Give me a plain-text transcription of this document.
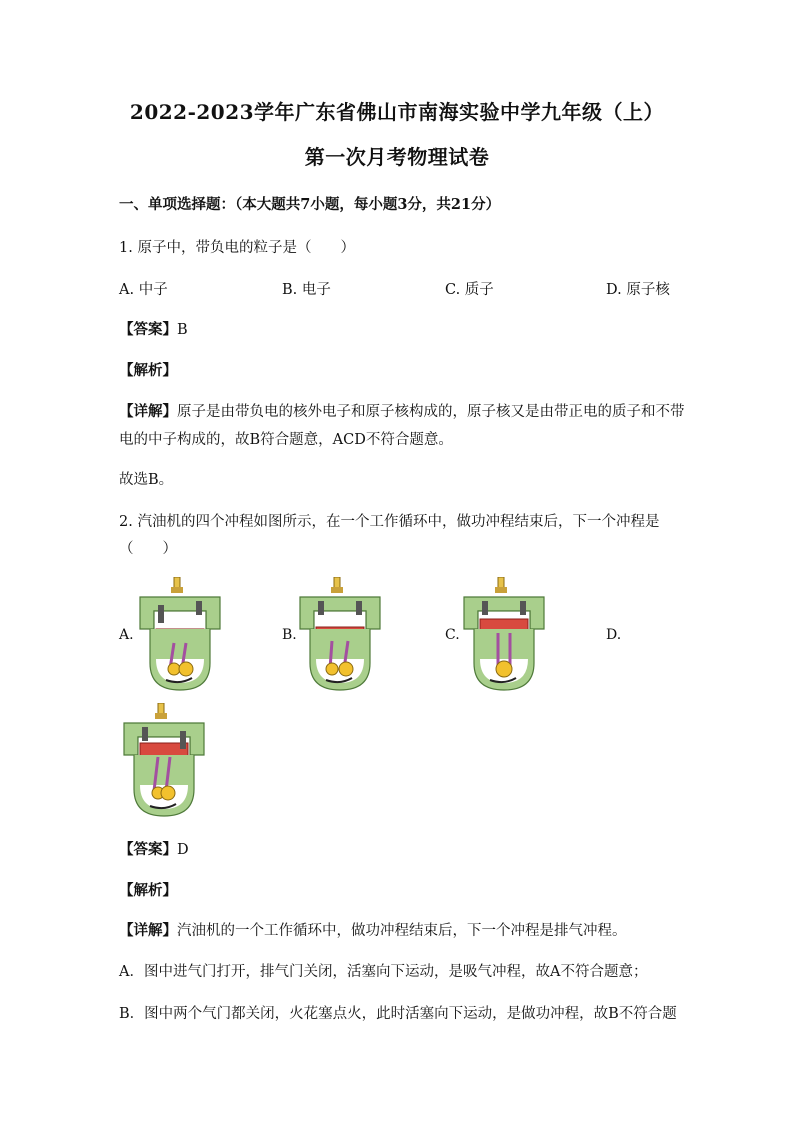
2022-2023学年广东省佛山市南海实验中学九年级（上）
第一次月考物理试卷
一、单项选择题：（本大题共7小题，每小题3分，共21分）
1. 原子中，带负电的粒子是（　　）
A. 中子	B. 电子	C. 质子	D. 原子核
【答案】B
【解析】
【详解】原子是由带负电的核外电子和原子核构成的，原子核又是由带正电的质子和不带
电的中子构成的，故B符合题意，ACD不符合题意。
故选B。
2. 汽油机的四个冲程如图所示，在一个工作循环中，做功冲程结束后，下一个冲程是
（　　）
A.	B.	C.	D.
【答案】D
【解析】
【详解】汽油机的一个工作循环中，做功冲程结束后，下一个冲程是排气冲程。
A．图中进气门打开，排气门关闭，活塞向下运动，是吸气冲程，故A不符合题意；
B．图中两个气门都关闭，火花塞点火，此时活塞向下运动，是做功冲程，故B不符合题
